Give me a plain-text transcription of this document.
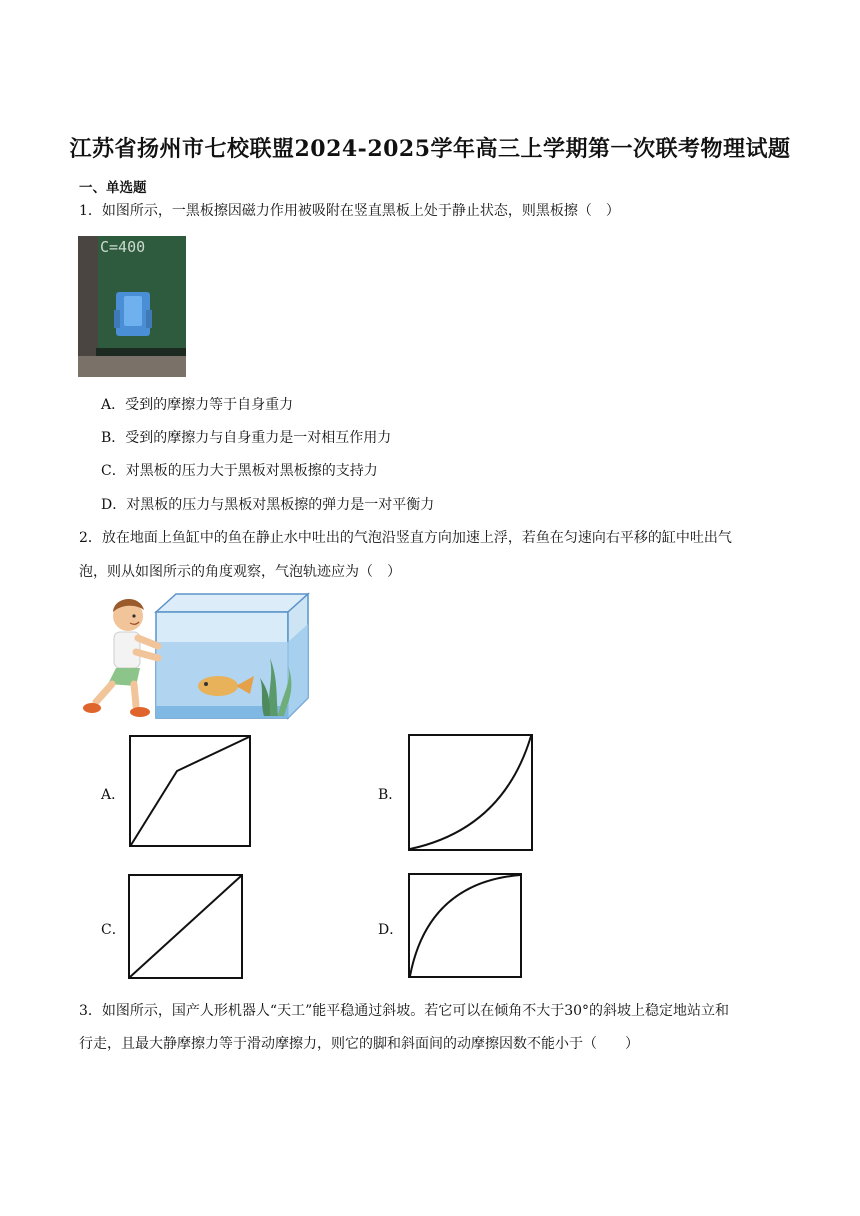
江苏省扬州市七校联盟2024-2025学年高三上学期第一次联考物理试题
一、单选题
1．如图所示，一黑板擦因磁力作用被吸附在竖直黑板上处于静止状态，则黑板擦（　）
C=400
A．受到的摩擦力等于自身重力
B．受到的摩擦力与自身重力是一对相互作用力
C．对黑板的压力大于黑板对黑板擦的支持力
D．对黑板的压力与黑板对黑板擦的弹力是一对平衡力
2．放在地面上鱼缸中的鱼在静止水中吐出的气泡沿竖直方向加速上浮，若鱼在匀速向右平移的缸中吐出气
泡，则从如图所示的角度观察，气泡轨迹应为（　）
A．	B．
C．	D．
3．如图所示，国产人形机器人“天工”能平稳通过斜坡。若它可以在倾角不大于30°的斜坡上稳定地站立和
行走，且最大静摩擦力等于滑动摩擦力，则它的脚和斜面间的动摩擦因数不能小于（　　）
